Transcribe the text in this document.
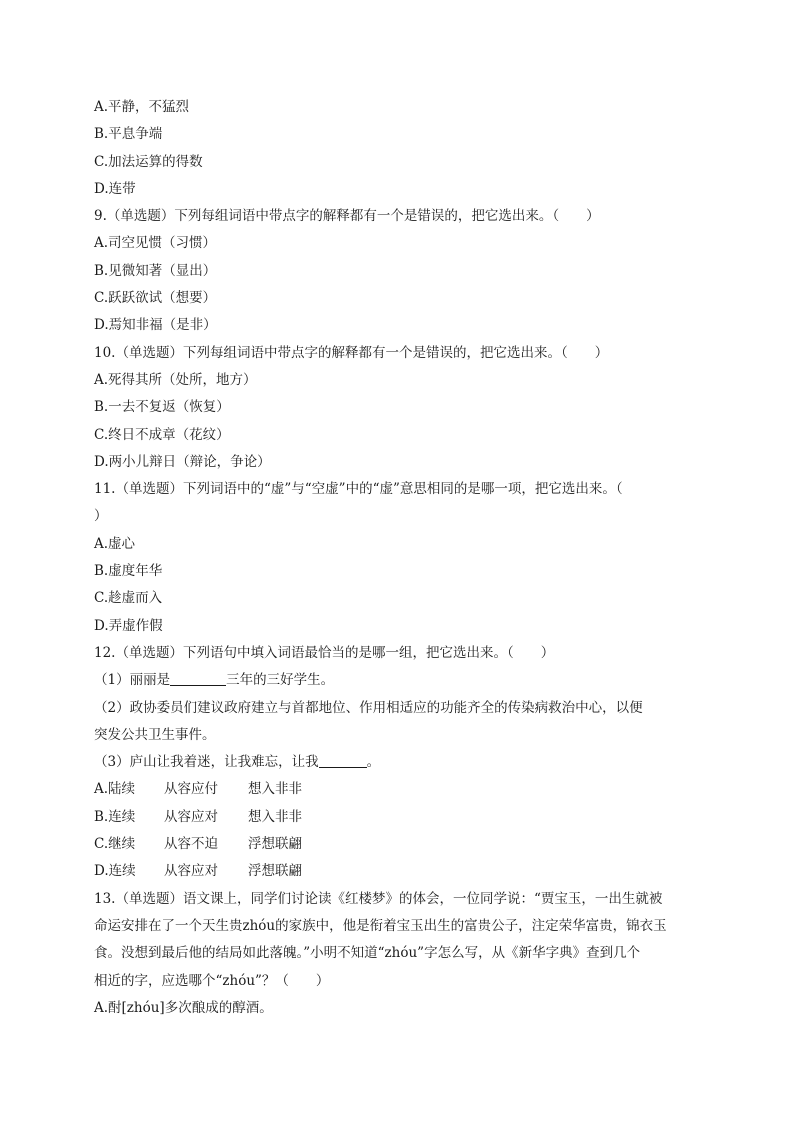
A.平静，不猛烈
B.平息争端
C.加法运算的得数
D.连带
9.（单选题）下列每组词语中带点字的解释都有一个是错误的，把它选出来。（　　）
A.司空见惯（习惯）
B.见微知著（显出）
C.跃跃欲试（想要）
D.焉知非福（是非）
10.（单选题）下列每组词语中带点字的解释都有一个是错误的，把它选出来。（　　）
A.死得其所（处所，地方）
B.一去不复返（恢复）
C.终日不成章（花纹）
D.两小儿辩日（辩论，争论）
11.（单选题）下列词语中的“虚”与“空虚”中的“虚”意思相同的是哪一项，把它选出来。（
）
A.虚心
B.虚度年华
C.趁虚而入
D.弄虚作假
12.（单选题）下列语句中填入词语最恰当的是哪一组，把它选出来。（　　）
（1）丽丽是	三年的三好学生。
（2）政协委员们建议政府建立与首都地位、作用相适应的功能齐全的传染病救治中心，以便
突发公共卫生事件。
（3）庐山让我着迷，让我难忘，让我	。
A.陆续 从容应付 想入非非
B.连续 从容应对 想入非非
C.继续 从容不迫 浮想联翩
D.连续 从容应对 浮想联翩
13.（单选题）语文课上，同学们讨论读《红楼梦》的体会，一位同学说：“贾宝玉，一出生就被
命运安排在了一个天生贵zhóu的家族中，他是衔着宝玉出生的富贵公子，注定荣华富贵，锦衣玉
食。没想到最后他的结局如此落魄。”小明不知道“zhóu”字怎么写，从《新华字典》查到几个
相近的字，应选哪个“zhóu”？（　　）
A.酎[zhóu]多次酿成的醇酒。
